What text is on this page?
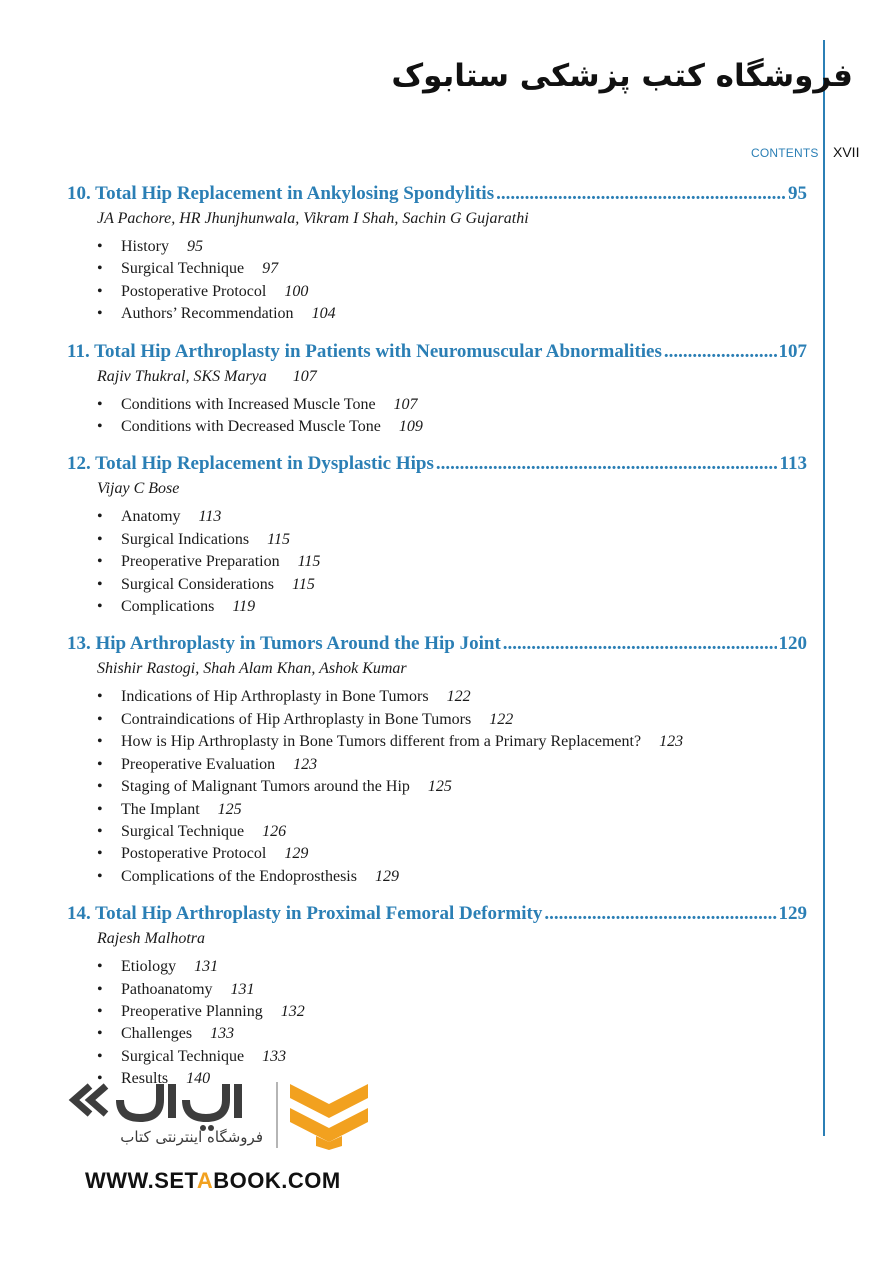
فروشگاه کتب پزشکی ستابوک
CONTENTS XVII
10. Total Hip Replacement in Ankylosing Spondylitis .....	95
JA Pachore, HR Jhunjhunwala, Vikram I Shah, Sachin G Gujarathi
• History 95
• Surgical Technique 97
• Postoperative Protocol 100
• Authors’ Recommendation 104
11. Total Hip Arthroplasty in Patients with Neuromuscular Abnormalities .....	107
Rajiv Thukral, SKS Marya 107
• Conditions with Increased Muscle Tone 107
• Conditions with Decreased Muscle Tone 109
12. Total Hip Replacement in Dysplastic Hips .....	113
Vijay C Bose
• Anatomy 113
• Surgical Indications 115
• Preoperative Preparation 115
• Surgical Considerations 115
• Complications 119
13. Hip Arthroplasty in Tumors Around the Hip Joint .....	120
Shishir Rastogi, Shah Alam Khan, Ashok Kumar
• Indications of Hip Arthroplasty in Bone Tumors 122
• Contraindications of Hip Arthroplasty in Bone Tumors 122
• How is Hip Arthroplasty in Bone Tumors different from a Primary Replacement? 123
• Preoperative Evaluation 123
• Staging of Malignant Tumors around the Hip 125
• The Implant 125
• Surgical Technique 126
• Postoperative Protocol 129
• Complications of the Endoprosthesis 129
14. Total Hip Arthroplasty in Proximal Femoral Deformity .....	129
Rajesh Malhotra
• Etiology 131
• Pathoanatomy 131
• Preoperative Planning 132
• Challenges 133
• Surgical Technique 133
• Results 140
فروشگاه اینترنتی کتاب
WWW.SETABOOK.COM
